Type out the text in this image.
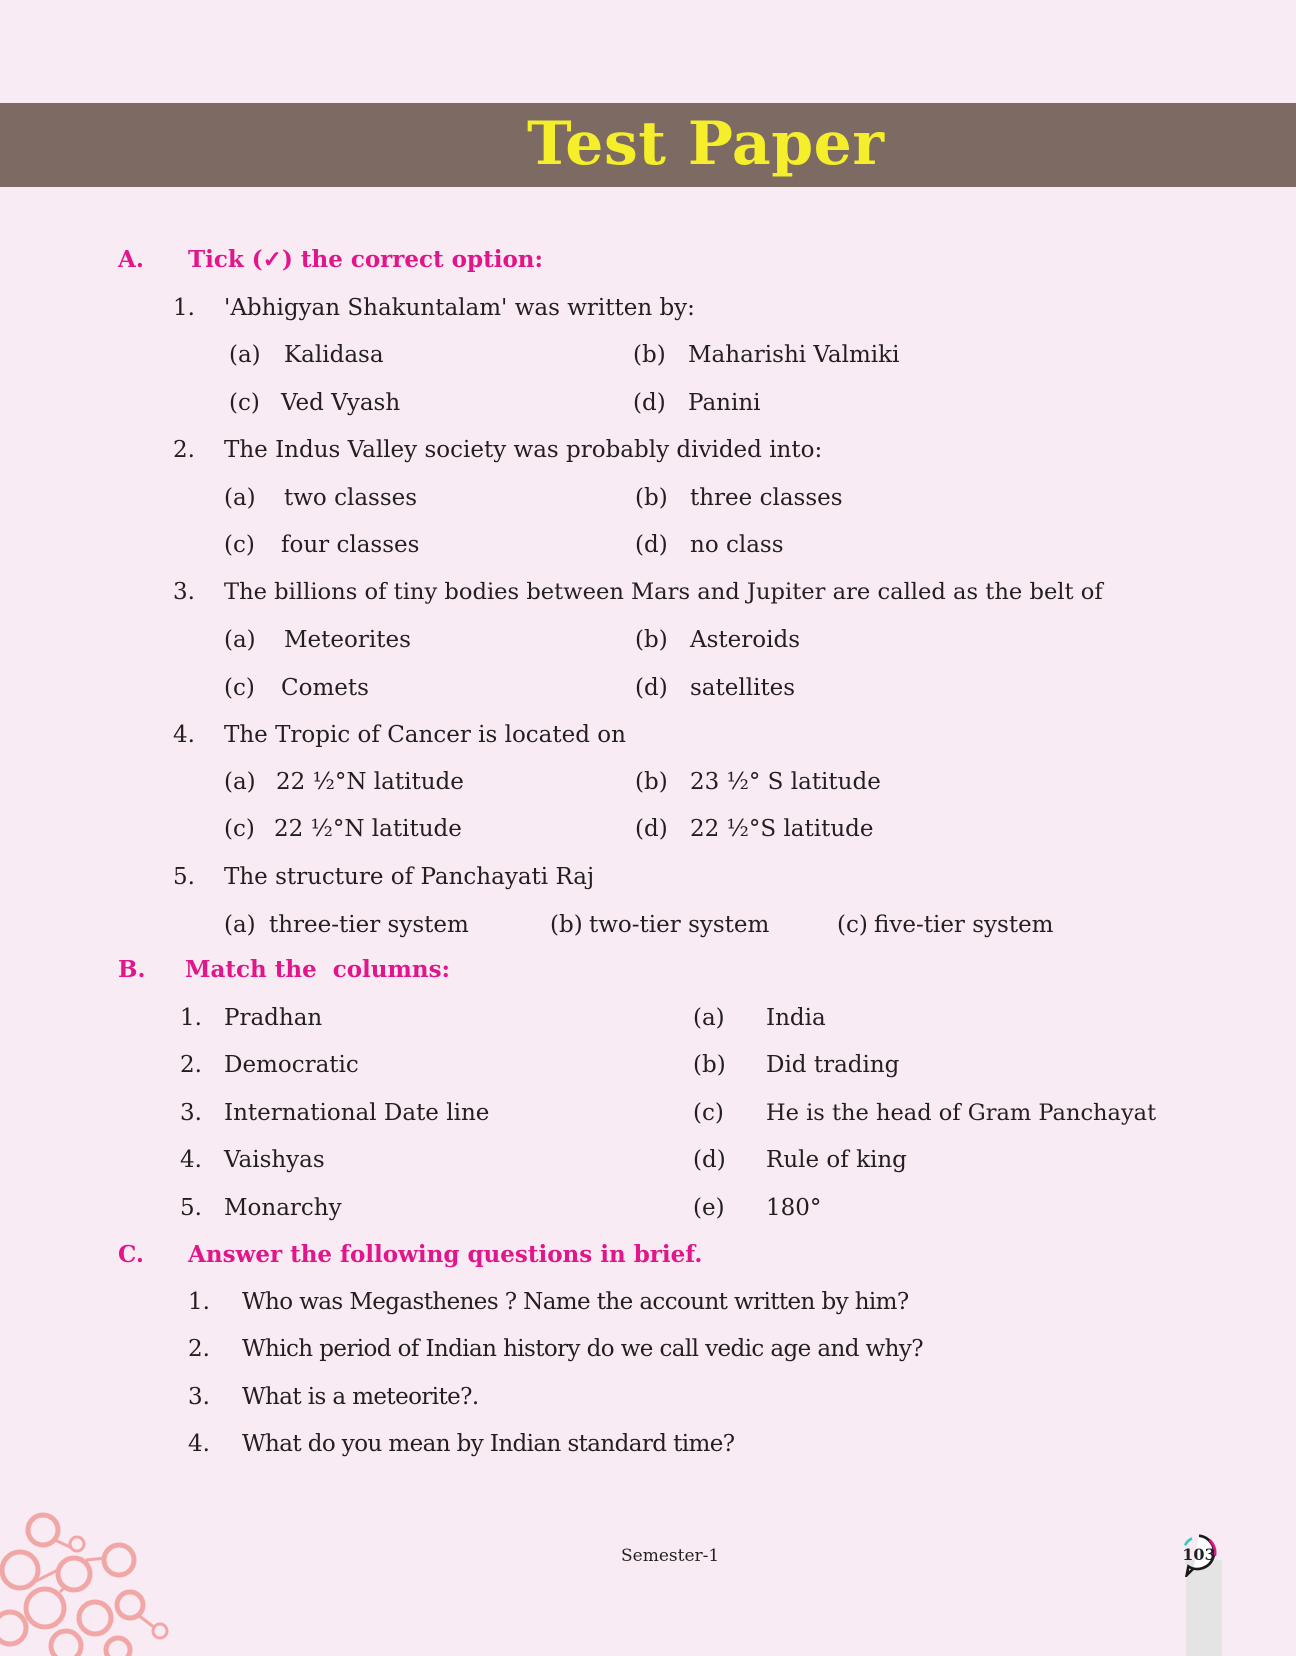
Test Paper
A. Tick (✓) the correct option:
1. 'Abhigyan Shakuntalam' was written by:
(a) Kalidasa	(b) Maharishi Valmiki
(c) Ved Vyash	(d) Panini
2. The Indus Valley society was probably divided into:
(a) two classes	(b) three classes
(c) four classes	(d) no class
3. The billions of tiny bodies between Mars and Jupiter are called as the belt of
(a) Meteorites	(b) Asteroids
(c) Comets	(d) satellites
4. The Tropic of Cancer is located on
(a) 22 ½°N latitude	(b) 23 ½° S latitude
(c) 22 ½°N latitude	(d) 22 ½°S latitude
5. The structure of Panchayati Raj
(a) three-tier system	(b) two-tier system	(c) five-tier system
B. Match the  columns:
1. Pradhan	(a) India
2. Democratic	(b) Did trading
3. International Date line	(c) He is the head of Gram Panchayat
4. Vaishyas	(d) Rule of king
5. Monarchy	(e) 180°
C. Answer the following questions in brief.
1. Who was Megasthenes ? Name the account written by him?
2. Which period of Indian history do we call vedic age and why?
3. What is a meteorite?.
4. What do you mean by Indian standard time?
Semester-1	103
